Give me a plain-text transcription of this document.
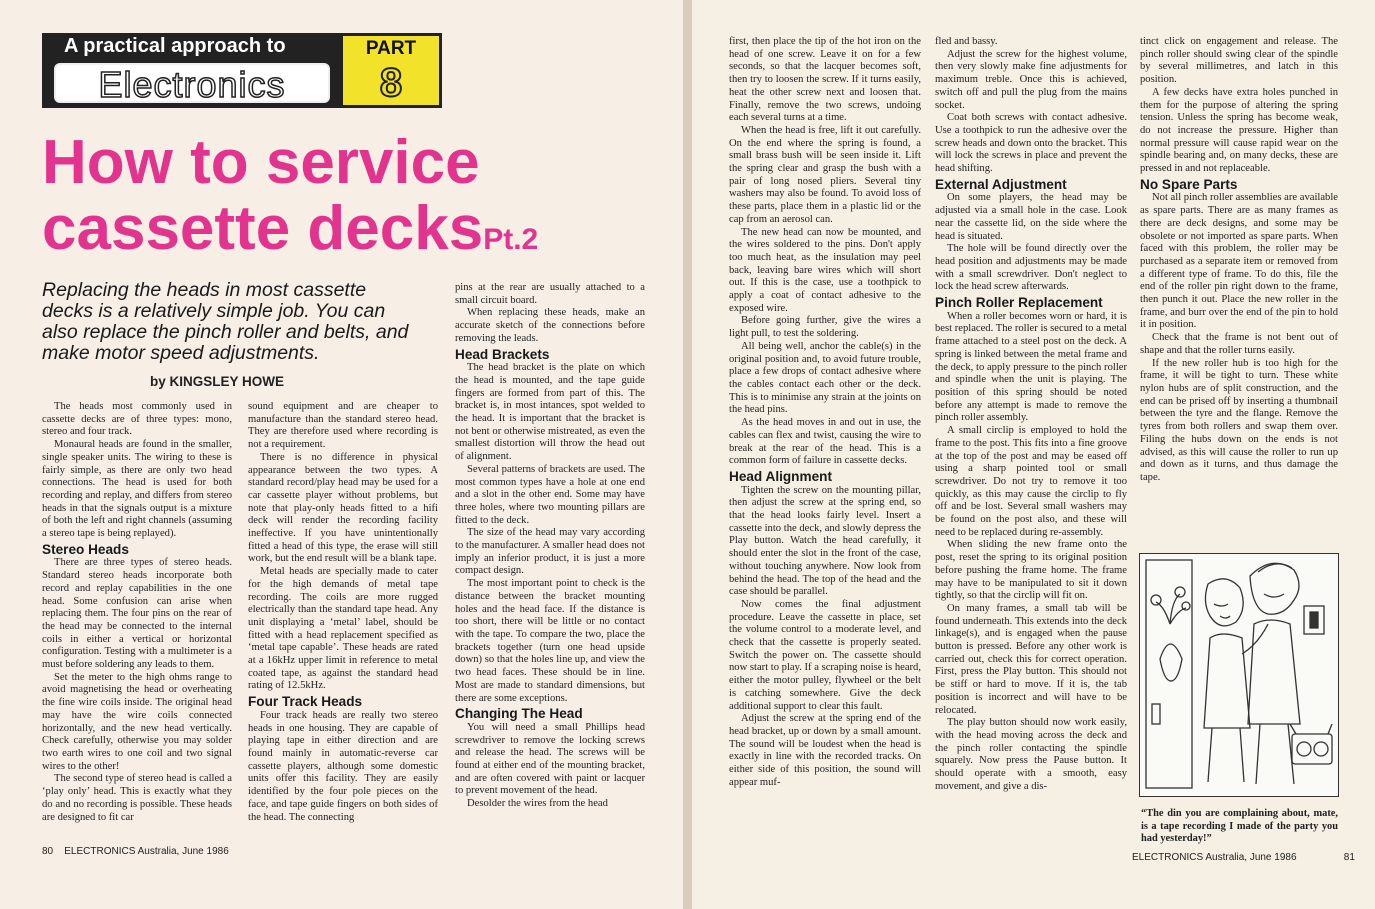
A practical approach to
Electronics
PART
8
How to service
cassette decksPt.2
Replacing the heads in most cassette decks is a relatively simple job. You can also replace the pinch roller and belts, and make motor speed adjustments.
by KINGSLEY HOWE

The heads most commonly used in cassette decks are of three types: mono, stereo and four track.

Monaural heads are found in the smaller, single speaker units. The wiring to these is fairly simple, as there are only two head connections. The head is used for both recording and replay, and differs from stereo heads in that the signals output is a mixture of both the left and right channels (assuming a stereo tape is being replayed).

Stereo Heads

There are three types of stereo heads. Standard stereo heads incorporate both record and replay capabilities in the one head. Some confusion can arise when replacing them. The four pins on the rear of the head may be connected to the internal coils in either a vertical or horizontal configuration. Testing with a multimeter is a must before soldering any leads to them.

Set the meter to the high ohms range to avoid magnetising the head or overheating the fine wire coils inside. The original head may have the wire coils connected horizontally, and the new head vertically. Check carefully, otherwise you may solder two earth wires to one coil and two signal wires to the other!

The second type of stereo head is called a ‘play only’ head. This is exactly what they do and no recording is possible. These heads are designed to fit car

sound equipment and are cheaper to manufacture than the standard stereo head. They are therefore used where recording is not a requirement.

There is no difference in physical appearance between the two types. A standard record/play head may be used for a car cassette player without problems, but note that play-only heads fitted to a hifi deck will render the recording facility ineffective. If you have unintentionally fitted a head of this type, the erase will still work, but the end result will be a blank tape.

Metal heads are specially made to cater for the high demands of metal tape recording. The coils are more rugged electrically than the standard tape head. Any unit displaying a ‘metal’ label, should be fitted with a head replacement specified as ‘metal tape capable’. These heads are rated at a 16kHz upper limit in reference to metal coated tape, as against the standard head rating of 12.5kHz.

Four Track Heads

Four track heads are really two stereo heads in one housing. They are capable of playing tape in either direction and are found mainly in automatic-reverse car cassette players, although some domestic units offer this facility. They are easily identified by the four pole pieces on the face, and tape guide fingers on both sides of the head. The connecting

pins at the rear are usually attached to a small circuit board.

When replacing these heads, make an accurate sketch of the connections before removing the leads.

Head Brackets

The head bracket is the plate on which the head is mounted, and the tape guide fingers are formed from part of this. The bracket is, in most intances, spot welded to the head. It is important that the bracket is not bent or otherwise mistreated, as even the smallest distortion will throw the head out of alignment.

Several patterns of brackets are used. The most common types have a hole at one end and a slot in the other end. Some may have three holes, where two mounting pillars are fitted to the deck.

The size of the head may vary according to the manufacturer. A smaller head does not imply an inferior product, it is just a more compact design.

The most important point to check is the distance between the bracket mounting holes and the head face. If the distance is too short, there will be little or no contact with the tape. To compare the two, place the brackets together (turn one head upside down) so that the holes line up, and view the two head faces. These should be in line. Most are made to standard dimensions, but there are some exceptions.

Changing The Head

You will need a small Phillips head screwdriver to remove the locking screws and release the head. The screws will be found at either end of the mounting bracket, and are often covered with paint or lacquer to prevent movement of the head.

Desolder the wires from the head

80 ELECTRONICS Australia, June 1986

first, then place the tip of the hot iron on the head of one screw. Leave it on for a few seconds, so that the lacquer becomes soft, then try to loosen the screw. If it turns easily, heat the other screw next and loosen that. Finally, remove the two screws, undoing each several turns at a time.

When the head is free, lift it out carefully. On the end where the spring is found, a small brass bush will be seen inside it. Lift the spring clear and grasp the bush with a pair of long nosed pliers. Several tiny washers may also be found. To avoid loss of these parts, place them in a plastic lid or the cap from an aerosol can.

The new head can now be mounted, and the wires soldered to the pins. Don't apply too much heat, as the insulation may peel back, leaving bare wires which will short out. If this is the case, use a toothpick to apply a coat of contact adhesive to the exposed wire.

Before going further, give the wires a light pull, to test the soldering.

All being well, anchor the cable(s) in the original position and, to avoid future trouble, place a few drops of contact adhesive where the cables contact each other or the deck. This is to minimise any strain at the joints on the head pins.

As the head moves in and out in use, the cables can flex and twist, causing the wire to break at the rear of the head. This is a common form of failure in cassette decks.

Head Alignment

Tighten the screw on the mounting pillar, then adjust the screw at the spring end, so that the head looks fairly level. Insert a cassette into the deck, and slowly depress the Play button. Watch the head carefully, it should enter the slot in the front of the case, without touching anywhere. Now look from behind the head. The top of the head and the case should be parallel.

Now comes the final adjustment procedure. Leave the cassette in place, set the volume control to a moderate level, and check that the cassette is properly seated. Switch the power on. The cassette should now start to play. If a scraping noise is heard, either the motor pulley, flywheel or the belt is catching somewhere. Give the deck additional support to clear this fault.

Adjust the screw at the spring end of the head bracket, up or down by a small amount. The sound will be loudest when the head is exactly in line with the recorded tracks. On either side of this position, the sound will appear muf-

fled and bassy.

Adjust the screw for the highest volume, then very slowly make fine adjustments for maximum treble. Once this is achieved, switch off and pull the plug from the mains socket.

Coat both screws with contact adhesive. Use a toothpick to run the adhesive over the screw heads and down onto the bracket. This will lock the screws in place and prevent the head shifting.

External Adjustment

On some players, the head may be adjusted via a small hole in the case. Look near the cassette lid, on the side where the head is situated.

The hole will be found directly over the head position and adjustments may be made with a small screwdriver. Don't neglect to lock the head screw afterwards.

Pinch Roller Replacement

When a roller becomes worn or hard, it is best replaced. The roller is secured to a metal frame attached to a steel post on the deck. A spring is linked between the metal frame and the deck, to apply pressure to the pinch roller and spindle when the unit is playing. The position of this spring should be noted before any attempt is made to remove the pinch roller assembly.

A small circlip is employed to hold the frame to the post. This fits into a fine groove at the top of the post and may be eased off using a sharp pointed tool or small screwdriver. Do not try to remove it too quickly, as this may cause the circlip to fly off and be lost. Several small washers may be found on the post also, and these will need to be replaced during re-assembly.

When sliding the new frame onto the post, reset the spring to its original position before pushing the frame home. The frame may have to be manipulated to sit it down tightly, so that the circlip will fit on.

On many frames, a small tab will be found underneath. This extends into the deck linkage(s), and is engaged when the pause button is pressed. Before any other work is carried out, check this for correct operation. First, press the Play button. This should not be stiff or hard to move. If it is, the tab position is incorrect and will have to be relocated.

The play button should now work easily, with the head moving across the deck and the pinch roller contacting the spindle squarely. Now press the Pause button. It should operate with a smooth, easy movement, and give a dis-

tinct click on engagement and release. The pinch roller should swing clear of the spindle by several millimetres, and latch in this position.

A few decks have extra holes punched in them for the purpose of altering the spring tension. Unless the spring has become weak, do not increase the pressure. Higher than normal pressure will cause rapid wear on the spindle bearing and, on many decks, these are pressed in and not replaceable.

No Spare Parts

Not all pinch roller assemblies are available as spare parts. There are as many frames as there are deck designs, and some may be obsolete or not imported as spare parts. When faced with this problem, the roller may be purchased as a separate item or removed from a different type of frame. To do this, file the end of the roller pin right down to the frame, then punch it out. Place the new roller in the frame, and burr over the end of the pin to hold it in position.

Check that the frame is not bent out of shape and that the roller turns easily.

If the new roller hub is too high for the frame, it will be tight to turn. These white nylon hubs are of split construction, and the end can be prised off by inserting a thumbnail between the tyre and the flange. Remove the tyres from both rollers and swap them over. Filing the hubs down on the ends is not advised, as this will cause the roller to run up and down as it turns, and thus damage the tape.

ELECTRONICS Australia, June 1986	81
“The din you are complaining about, mate, is a tape recording I made of the party you had yesterday!”
